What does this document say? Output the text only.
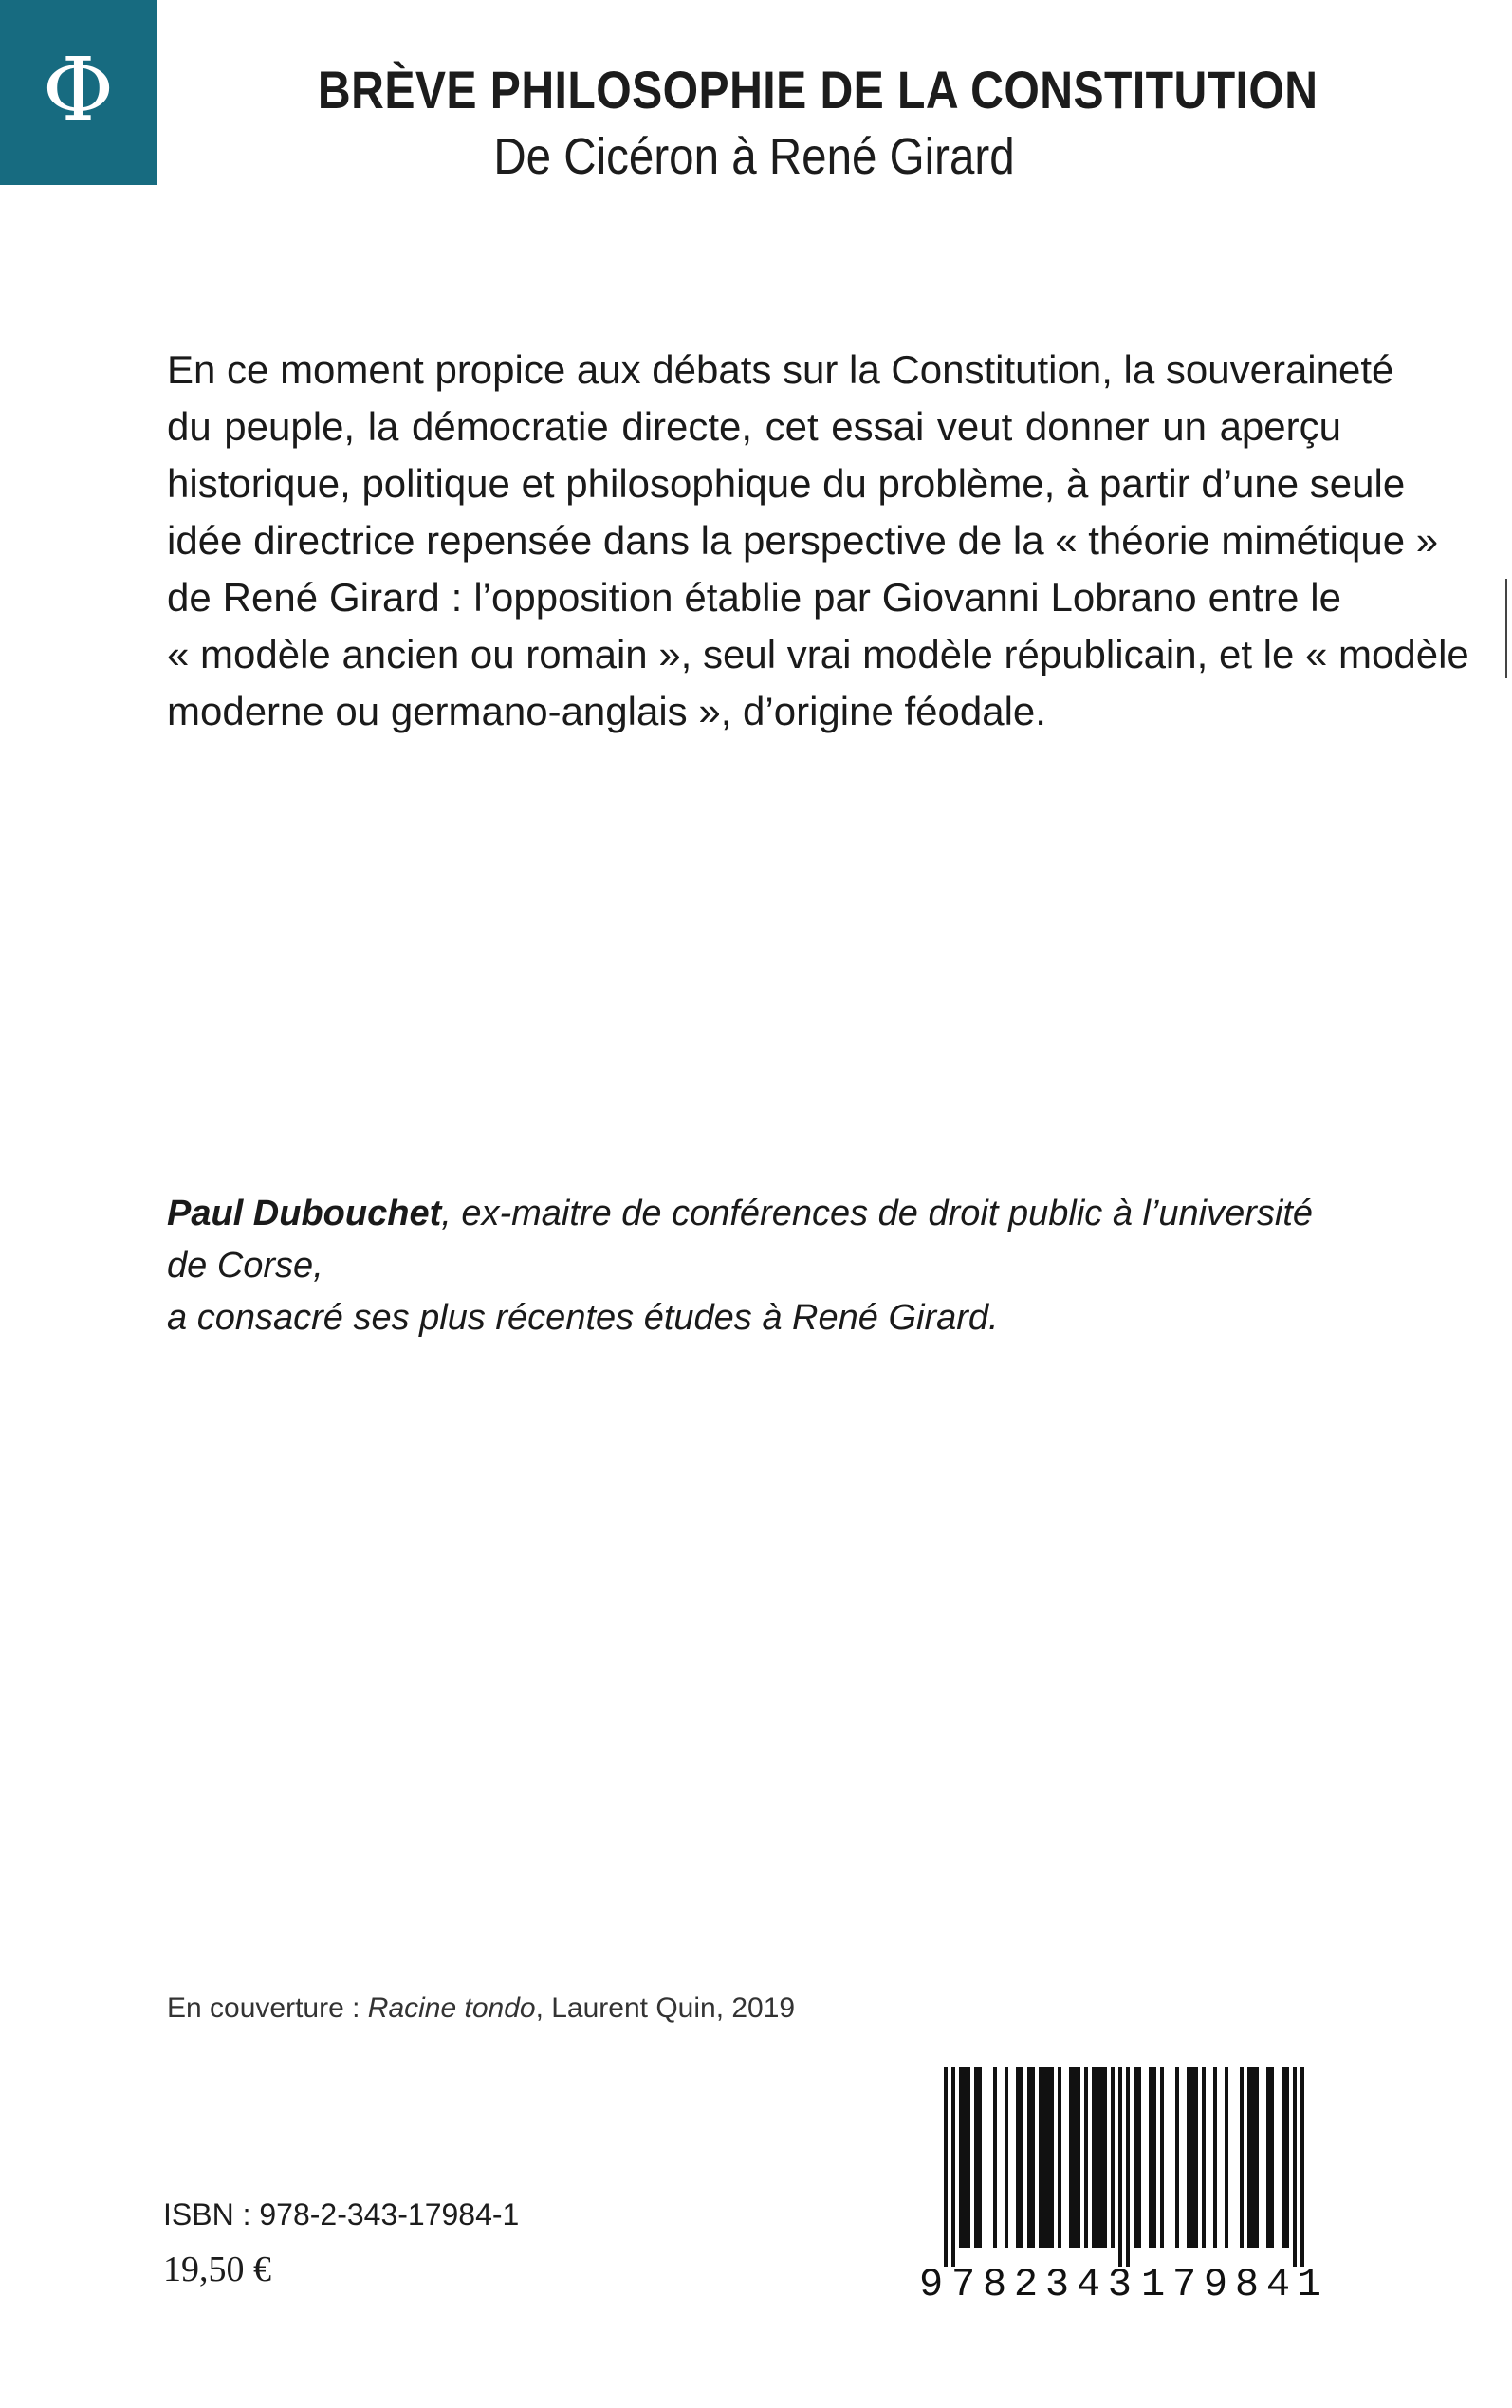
Φ	BRÈVE PHILOSOPHIE DE LA CONSTITUTION
De Cicéron à René Girard
En ce moment propice aux débats sur la Constitution, la souveraineté
du peuple, la démocratie directe, cet essai veut donner un aperçu
historique, politique et philosophique du problème, à partir d’une seule
idée directrice repensée dans la perspective de la « théorie mimétique »
de René Girard : l’opposition établie par Giovanni Lobrano entre le
« modèle ancien ou romain », seul vrai modèle républicain, et le « modèle
moderne ou germano-anglais », d’origine féodale.
Paul Dubouchet, ex-maitre de conférences de droit public à l’université de Corse,
a consacré ses plus récentes études à René Girard.
En couverture : Racine tondo, Laurent Quin, 2019
ISBN : 978-2-343-17984-1
19,50 €	9 782343 179841
